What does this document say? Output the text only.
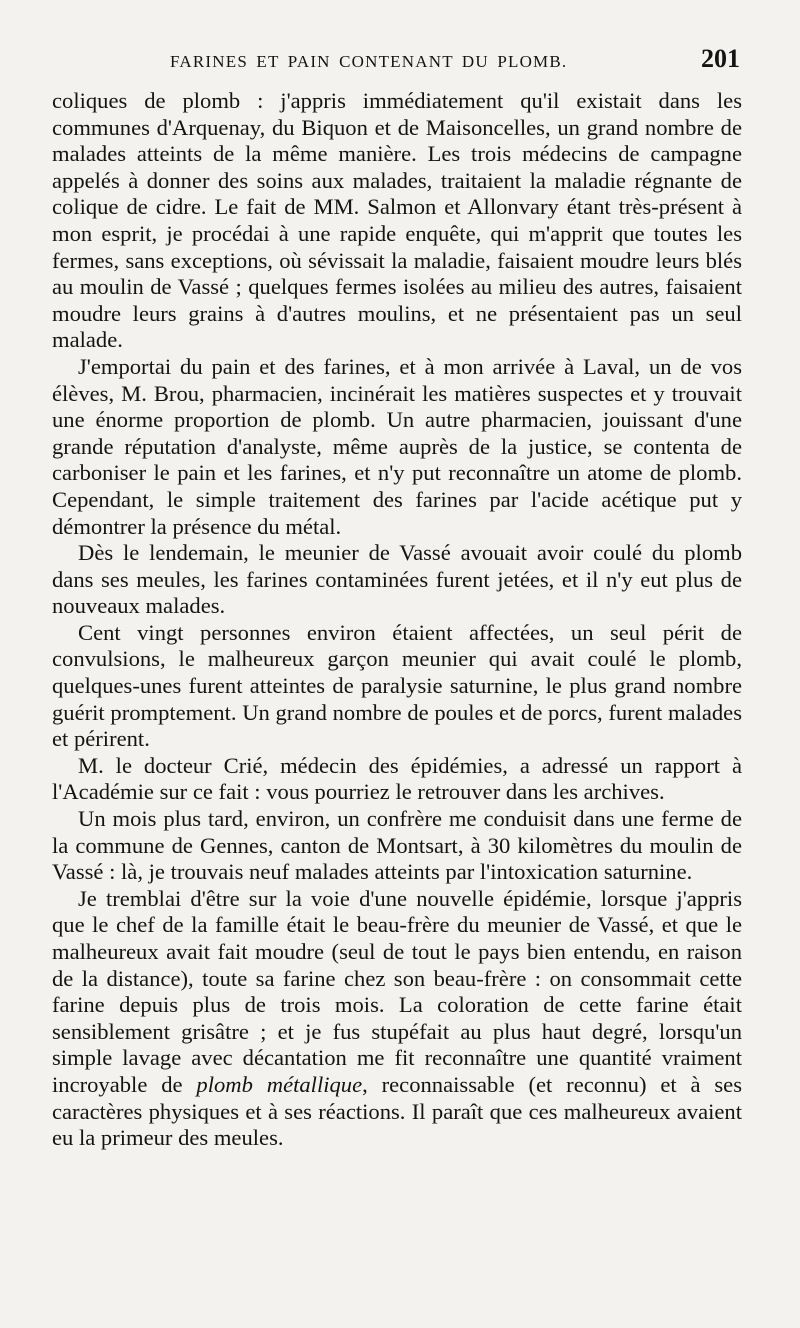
FARINES ET PAIN CONTENANT DU PLOMB.	201

coliques de plomb : j'appris immédiatement qu'il existait dans les communes d'Arquenay, du Biquon et de Maisoncelles, un grand nombre de malades atteints de la même manière. Les trois médecins de campagne appelés à donner des soins aux malades, traitaient la maladie régnante de colique de cidre. Le fait de MM. Salmon et Allonvary étant très-présent à mon esprit, je procédai à une rapide enquête, qui m'apprit que toutes les fermes, sans exceptions, où sévissait la maladie, faisaient moudre leurs blés au moulin de Vassé ; quelques fermes isolées au milieu des autres, faisaient moudre leurs grains à d'autres moulins, et ne présentaient pas un seul malade.

J'emportai du pain et des farines, et à mon arrivée à Laval, un de vos élèves, M. Brou, pharmacien, incinérait les matières suspectes et y trouvait une énorme proportion de plomb. Un autre pharmacien, jouissant d'une grande réputation d'analyste, même auprès de la justice, se contenta de carboniser le pain et les farines, et n'y put reconnaître un atome de plomb. Cependant, le simple traitement des farines par l'acide acétique put y démontrer la présence du métal.

Dès le lendemain, le meunier de Vassé avouait avoir coulé du plomb dans ses meules, les farines contaminées furent jetées, et il n'y eut plus de nouveaux malades.

Cent vingt personnes environ étaient affectées, un seul périt de convulsions, le malheureux garçon meunier qui avait coulé le plomb, quelques-unes furent atteintes de paralysie saturnine, le plus grand nombre guérit promptement. Un grand nombre de poules et de porcs, furent malades et périrent.

M. le docteur Crié, médecin des épidémies, a adressé un rapport à l'Académie sur ce fait : vous pourriez le retrouver dans les archives.

Un mois plus tard, environ, un confrère me conduisit dans une ferme de la commune de Gennes, canton de Montsart, à 30 kilomètres du moulin de Vassé : là, je trouvais neuf malades atteints par l'intoxication saturnine.

Je tremblai d'être sur la voie d'une nouvelle épidémie, lorsque j'appris que le chef de la famille était le beau-frère du meunier de Vassé, et que le malheureux avait fait moudre (seul de tout le pays bien entendu, en raison de la distance), toute sa farine chez son beau-frère : on consommait cette farine depuis plus de trois mois. La coloration de cette farine était sensiblement grisâtre ; et je fus stupéfait au plus haut degré, lorsqu'un simple lavage avec décantation me fit reconnaître une quantité vraiment incroyable de plomb métallique, reconnaissable (et reconnu) et à ses caractères physiques et à ses réactions. Il paraît que ces malheureux avaient eu la primeur des meules.
